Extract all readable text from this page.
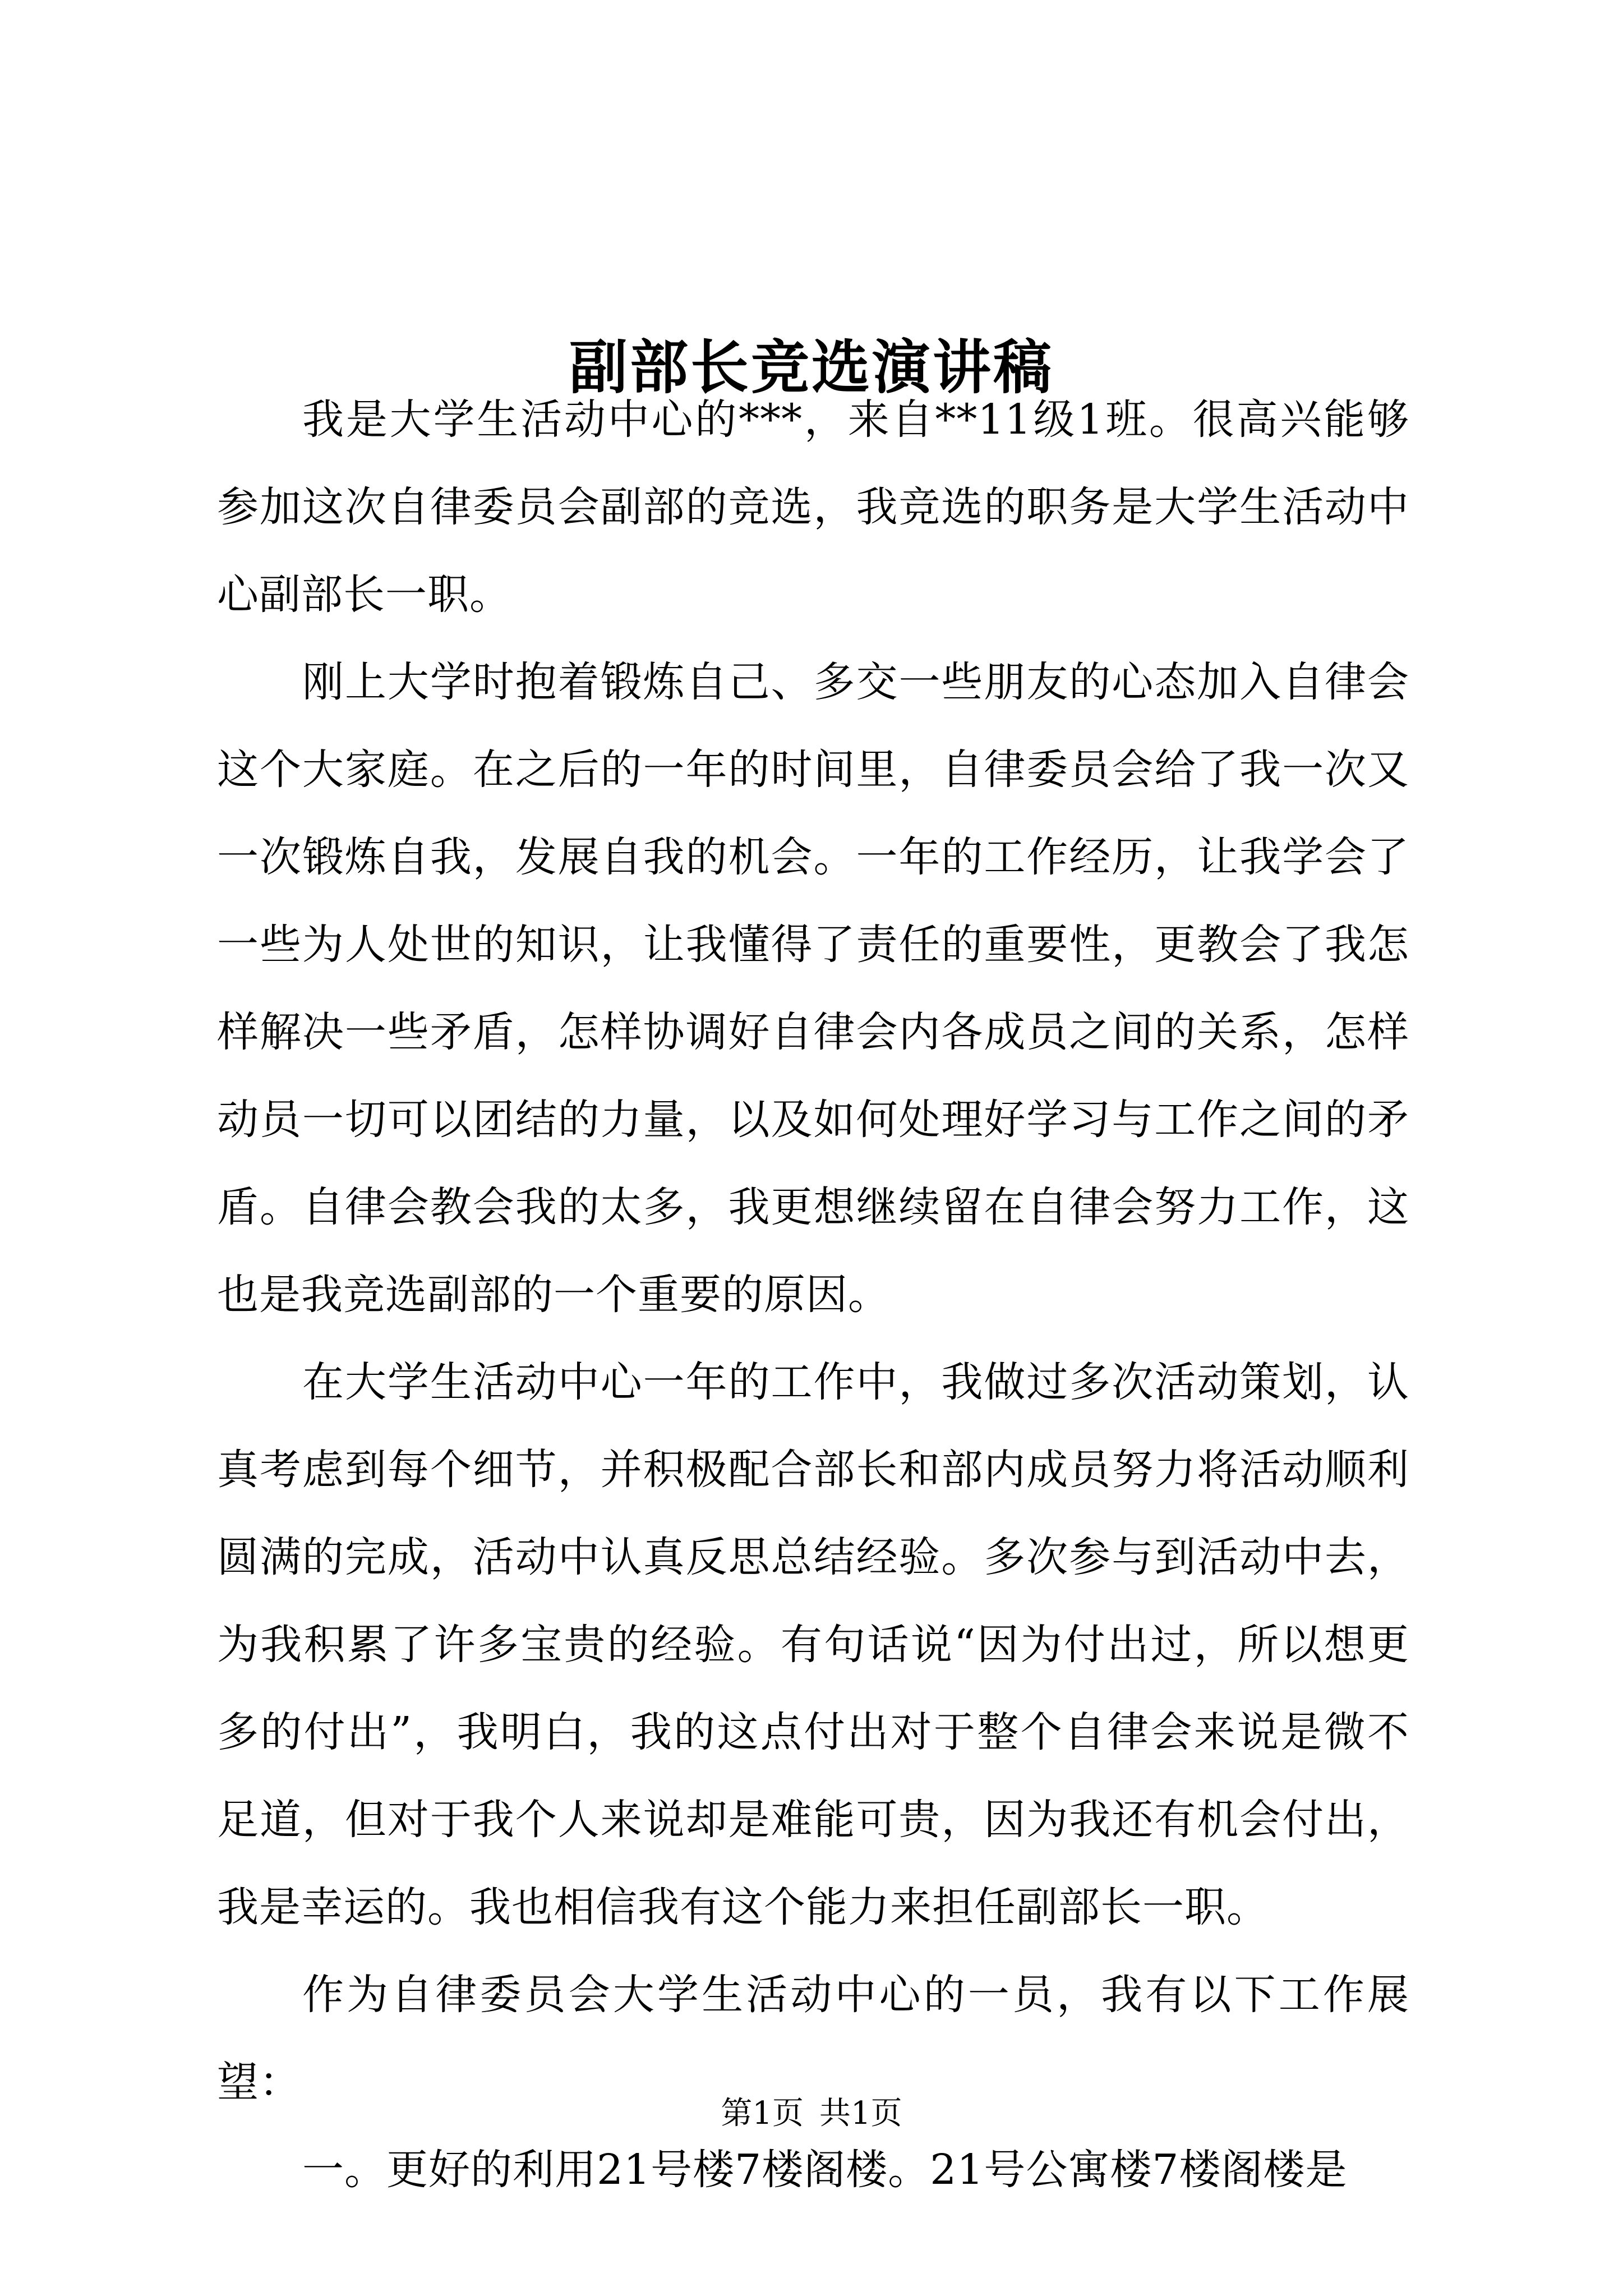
副部长竞选演讲稿

我是大学生活动中心的***，来自**11级1班。很高兴能够参加这次自律委员会副部的竞选，我竞选的职务是大学生活动中心副部长一职。

刚上大学时抱着锻炼自己、多交一些朋友的心态加入自律会这个大家庭。在之后的一年的时间里，自律委员会给了我一次又一次锻炼自我，发展自我的机会。一年的工作经历，让我学会了一些为人处世的知识，让我懂得了责任的重要性，更教会了我怎样解决一些矛盾，怎样协调好自律会内各成员之间的关系，怎样动员一切可以团结的力量，以及如何处理好学习与工作之间的矛盾。自律会教会我的太多，我更想继续留在自律会努力工作，这也是我竞选副部的一个重要的原因。

在大学生活动中心一年的工作中，我做过多次活动策划，认真考虑到每个细节，并积极配合部长和部内成员努力将活动顺利圆满的完成，活动中认真反思总结经验。多次参与到活动中去，为我积累了许多宝贵的经验。有句话说“因为付出过，所以想更多的付出”，我明白，我的这点付出对于整个自律会来说是微不足道，但对于我个人来说却是难能可贵，因为我还有机会付出，我是幸运的。我也相信我有这个能力来担任副部长一职。

作为自律委员会大学生活动中心的一员，我有以下工作展望：

一。更好的利用21号楼7楼阁楼。21号公寓楼7楼阁楼是

第1页 共1页
